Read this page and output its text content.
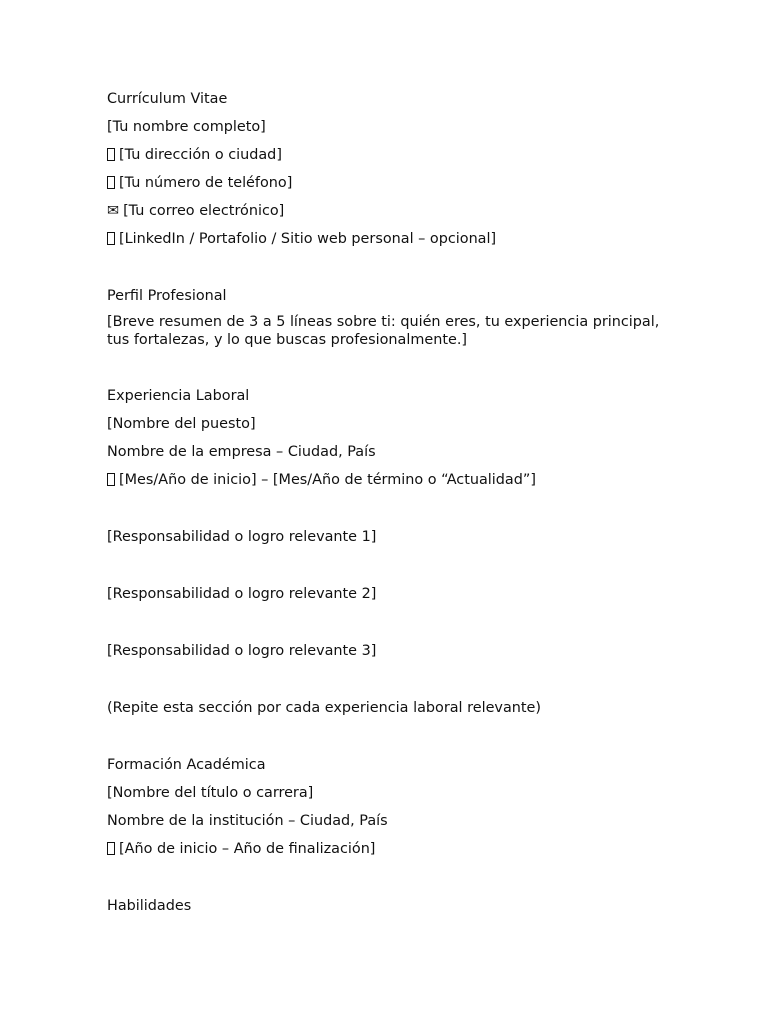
Currículum Vitae

[Tu nombre completo]

[Tu dirección o ciudad]

[Tu número de teléfono]

✉ [Tu correo electrónico]

[LinkedIn / Portafolio / Sitio web personal – opcional]

Perfil Profesional

[Breve resumen de 3 a 5 líneas sobre ti: quién eres, tu experiencia principal, tus fortalezas, y lo que buscas profesionalmente.]

Experiencia Laboral

[Nombre del puesto]

Nombre de la empresa – Ciudad, País

[Mes/Año de inicio] – [Mes/Año de término o “Actualidad”]

[Responsabilidad o logro relevante 1]

[Responsabilidad o logro relevante 2]

[Responsabilidad o logro relevante 3]

(Repite esta sección por cada experiencia laboral relevante)

Formación Académica

[Nombre del título o carrera]

Nombre de la institución – Ciudad, País

[Año de inicio – Año de finalización]

Habilidades
